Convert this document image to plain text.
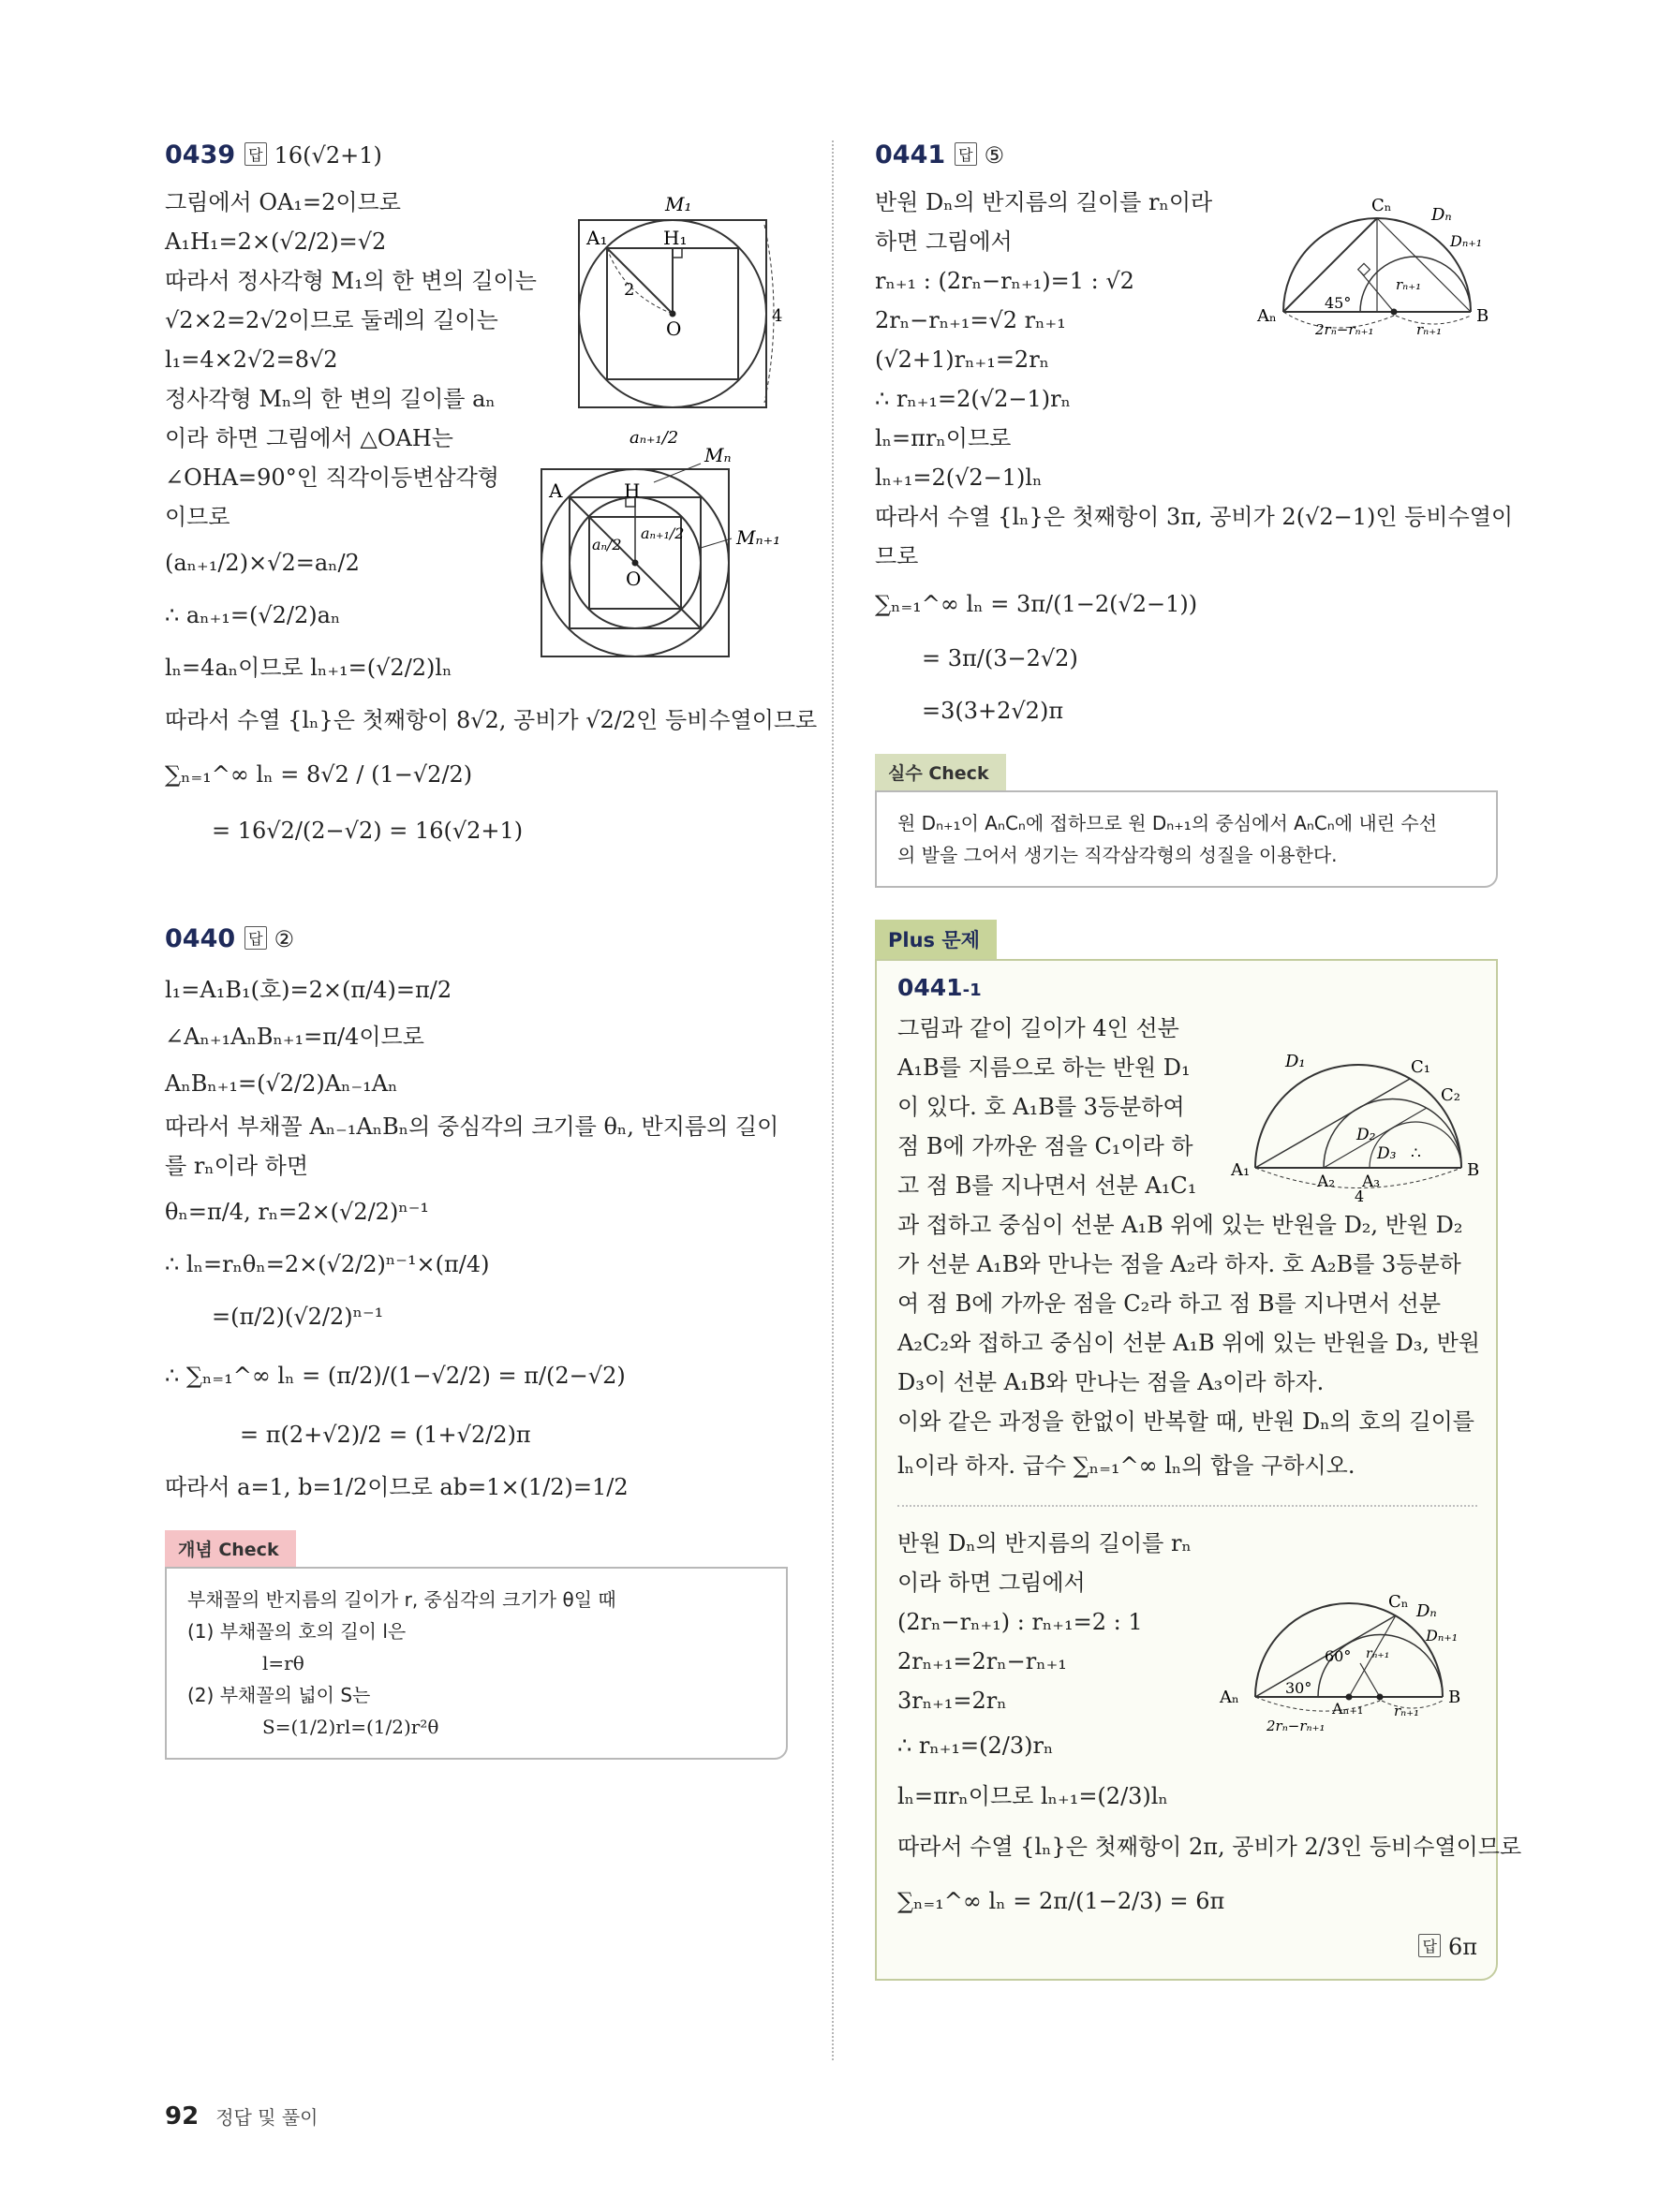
0439 답 16(√2+1)
그림에서 OA₁=2이므로
A₁H₁=2×(√2/2)=√2
따라서 정사각형 M₁의 한 변의 길이는
√2×2=2√2이므로 둘레의 길이는
l₁=4×2√2=8√2
정사각형 Mₙ의 한 변의 길이를 aₙ
이라 하면 그림에서 △OAH는
∠OHA=90°인 직각이등변삼각형
이므로
(aₙ₊₁/2)×√2=aₙ/2
∴ aₙ₊₁=(√2/2)aₙ
lₙ=4aₙ이므로 lₙ₊₁=(√2/2)lₙ
따라서 수열 {lₙ}은 첫째항이 8√2, 공비가 √2/2인 등비수열이므로
∑ₙ₌₁^∞ lₙ = 8√2 / (1−√2/2)
= 16√2/(2−√2) = 16(√2+1)
0440 답 ②
l₁=A₁B₁(호)=2×(π/4)=π/2
∠Aₙ₊₁AₙBₙ₊₁=π/4이므로
AₙBₙ₊₁=(√2/2)Aₙ₋₁Aₙ
따라서 부채꼴 Aₙ₋₁AₙBₙ의 중심각의 크기를 θₙ, 반지름의 길이
를 rₙ이라 하면
θₙ=π/4, rₙ=2×(√2/2)ⁿ⁻¹
∴ lₙ=rₙθₙ=2×(√2/2)ⁿ⁻¹×(π/4)
=(π/2)(√2/2)ⁿ⁻¹
∴ ∑ₙ₌₁^∞ lₙ = (π/2)/(1−√2/2) = π/(2−√2)
= π(2+√2)/2 = (1+√2/2)π
따라서 a=1, b=1/2이므로 ab=1×(1/2)=1/2
개념 Check
부채꼴의 반지름의 길이가 r, 중심각의 크기가 θ일 때
(1) 부채꼴의 호의 길이 l은
l=rθ
(2) 부채꼴의 넓이 S는
S=(1/2)rl=(1/2)r²θ
A₁	H₁
M₁
O
2
4
A	H
O
aₙ₊₁/2
Mₙ
Mₙ₊₁
aₙ₊₁/2
aₙ/2
0441 답 ⑤
반원 Dₙ의 반지름의 길이를 rₙ이라
하면 그림에서
rₙ₊₁ : (2rₙ−rₙ₊₁)=1 : √2
2rₙ−rₙ₊₁=√2 rₙ₊₁
(√2+1)rₙ₊₁=2rₙ
∴ rₙ₊₁=2(√2−1)rₙ
lₙ=πrₙ이므로
lₙ₊₁=2(√2−1)lₙ
따라서 수열 {lₙ}은 첫째항이 3π, 공비가 2(√2−1)인 등비수열이
므로
∑ₙ₌₁^∞ lₙ = 3π/(1−2(√2−1))
= 3π/(3−2√2)
=3(3+2√2)π
실수 Check
원 Dₙ₊₁이 AₙCₙ에 접하므로 원 Dₙ₊₁의 중심에서 AₙCₙ에 내린 수선
의 발을 그어서 생기는 직각삼각형의 성질을 이용한다.
Plus 문제
0441-1
그림과 같이 길이가 4인 선분
A₁B를 지름으로 하는 반원 D₁
이 있다. 호 A₁B를 3등분하여
점 B에 가까운 점을 C₁이라 하
고 점 B를 지나면서 선분 A₁C₁
과 접하고 중심이 선분 A₁B 위에 있는 반원을 D₂, 반원 D₂
가 선분 A₁B와 만나는 점을 A₂라 하자. 호 A₂B를 3등분하
여 점 B에 가까운 점을 C₂라 하고 점 B를 지나면서 선분
A₂C₂와 접하고 중심이 선분 A₁B 위에 있는 반원을 D₃, 반원
D₃이 선분 A₁B와 만나는 점을 A₃이라 하자.
이와 같은 과정을 한없이 반복할 때, 반원 Dₙ의 호의 길이를
lₙ이라 하자. 급수 ∑ₙ₌₁^∞ lₙ의 합을 구하시오.
반원 Dₙ의 반지름의 길이를 rₙ
이라 하면 그림에서
(2rₙ−rₙ₊₁) : rₙ₊₁=2 : 1
2rₙ₊₁=2rₙ−rₙ₊₁
3rₙ₊₁=2rₙ
∴ rₙ₊₁=(2/3)rₙ
lₙ=πrₙ이므로 lₙ₊₁=(2/3)lₙ
따라서 수열 {lₙ}은 첫째항이 2π, 공비가 2/3인 등비수열이므로
∑ₙ₌₁^∞ lₙ = 2π/(1−2/3) = 6π
답 6π
Cₙ Dₙ
Dₙ₊₁
Aₙ	B
45°
rₙ₊₁
2rₙ−rₙ₊₁	rₙ₊₁
D₁	C₁
C₂
D₂
D₃ ∴
A₁
A₂ A₃
B
4
Cₙ Dₙ
Dₙ₊₁
Aₙ	B
30°
60° rₙ₊₁
Aₙ₊₁
2rₙ−rₙ₊₁
rₙ₊₁
92 정답 및 풀이
